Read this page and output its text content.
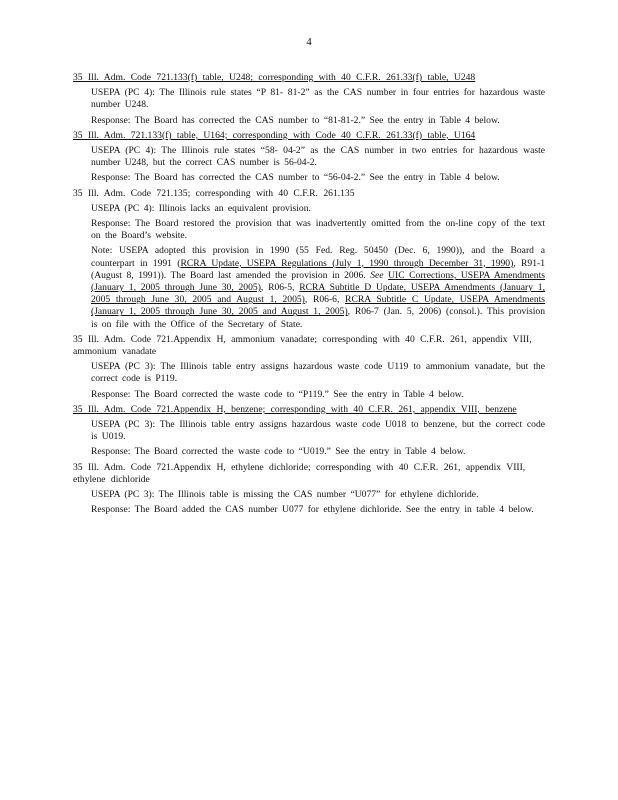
4
35 Ill. Adm. Code 721.133(f) table, U248; corresponding with 40 C.F.R. 261.33(f) table, U248
USEPA (PC 4): The Illinois rule states “P 81- 81-2” as the CAS number in four entries for hazardous waste number U248.
Response: The Board has corrected the CAS number to “81-81-2.” See the entry in Table 4 below.
35 Ill. Adm. 721.133(f) table, U164; corresponding with Code 40 C.F.R. 261.33(f) table, U164
USEPA (PC 4): The Illinois rule states “58- 04-2” as the CAS number in two entries for hazardous waste number U248, but the correct CAS number is 56-04-2.
Response: The Board has corrected the CAS number to “56-04-2.” See the entry in Table 4 below.
35 Ill. Adm. Code 721.135; corresponding with 40 C.F.R. 261.135
USEPA (PC 4): Illinois lacks an equivalent provision.
Response: The Board restored the provision that was inadvertently omitted from the on-line copy of the text on the Board’s website.
Note: USEPA adopted this provision in 1990 (55 Fed. Reg. 50450 (Dec. 6, 1990)), and the Board a counterpart in 1991 (RCRA Update, USEPA Regulations (July 1, 1990 through December 31, 1990), R91-1 (August 8, 1991)). The Board last amended the provision in 2006. See UIC Corrections, USEPA Amendments (January 1, 2005 through June 30, 2005), R06-5, RCRA Subtitle D Update, USEPA Amendments (January 1, 2005 through June 30, 2005 and August 1, 2005), R06-6, RCRA Subtitle C Update, USEPA Amendments (January 1, 2005 through June 30, 2005 and August 1, 2005), R06-7 (Jan. 5, 2006) (consol.). This provision is on file with the Office of the Secretary of State.
35 Ill. Adm. Code 721.Appendix H, ammonium vanadate; corresponding with 40 C.F.R. 261, appendix VIII, ammonium vanadate
USEPA (PC 3): The Illinois table entry assigns hazardous waste code U119 to ammonium vanadate, but the correct code is P119.
Response: The Board corrected the waste code to “P119.” See the entry in Table 4 below.
35 Ill. Adm. Code 721.Appendix H, benzene; corresponding with 40 C.F.R. 261, appendix VIII, benzene
USEPA (PC 3): The Illinois table entry assigns hazardous waste code U018 to benzene, but the correct code is U019.
Response: The Board corrected the waste code to “U019.” See the entry in Table 4 below.
35 Ill. Adm. Code 721.Appendix H, ethylene dichloride; corresponding with 40 C.F.R. 261, appendix VIII, ethylene dichloride
USEPA (PC 3): The Illinois table is missing the CAS number “U077” for ethylene dichloride.
Response: The Board added the CAS number U077 for ethylene dichloride. See the entry in table 4 below.
